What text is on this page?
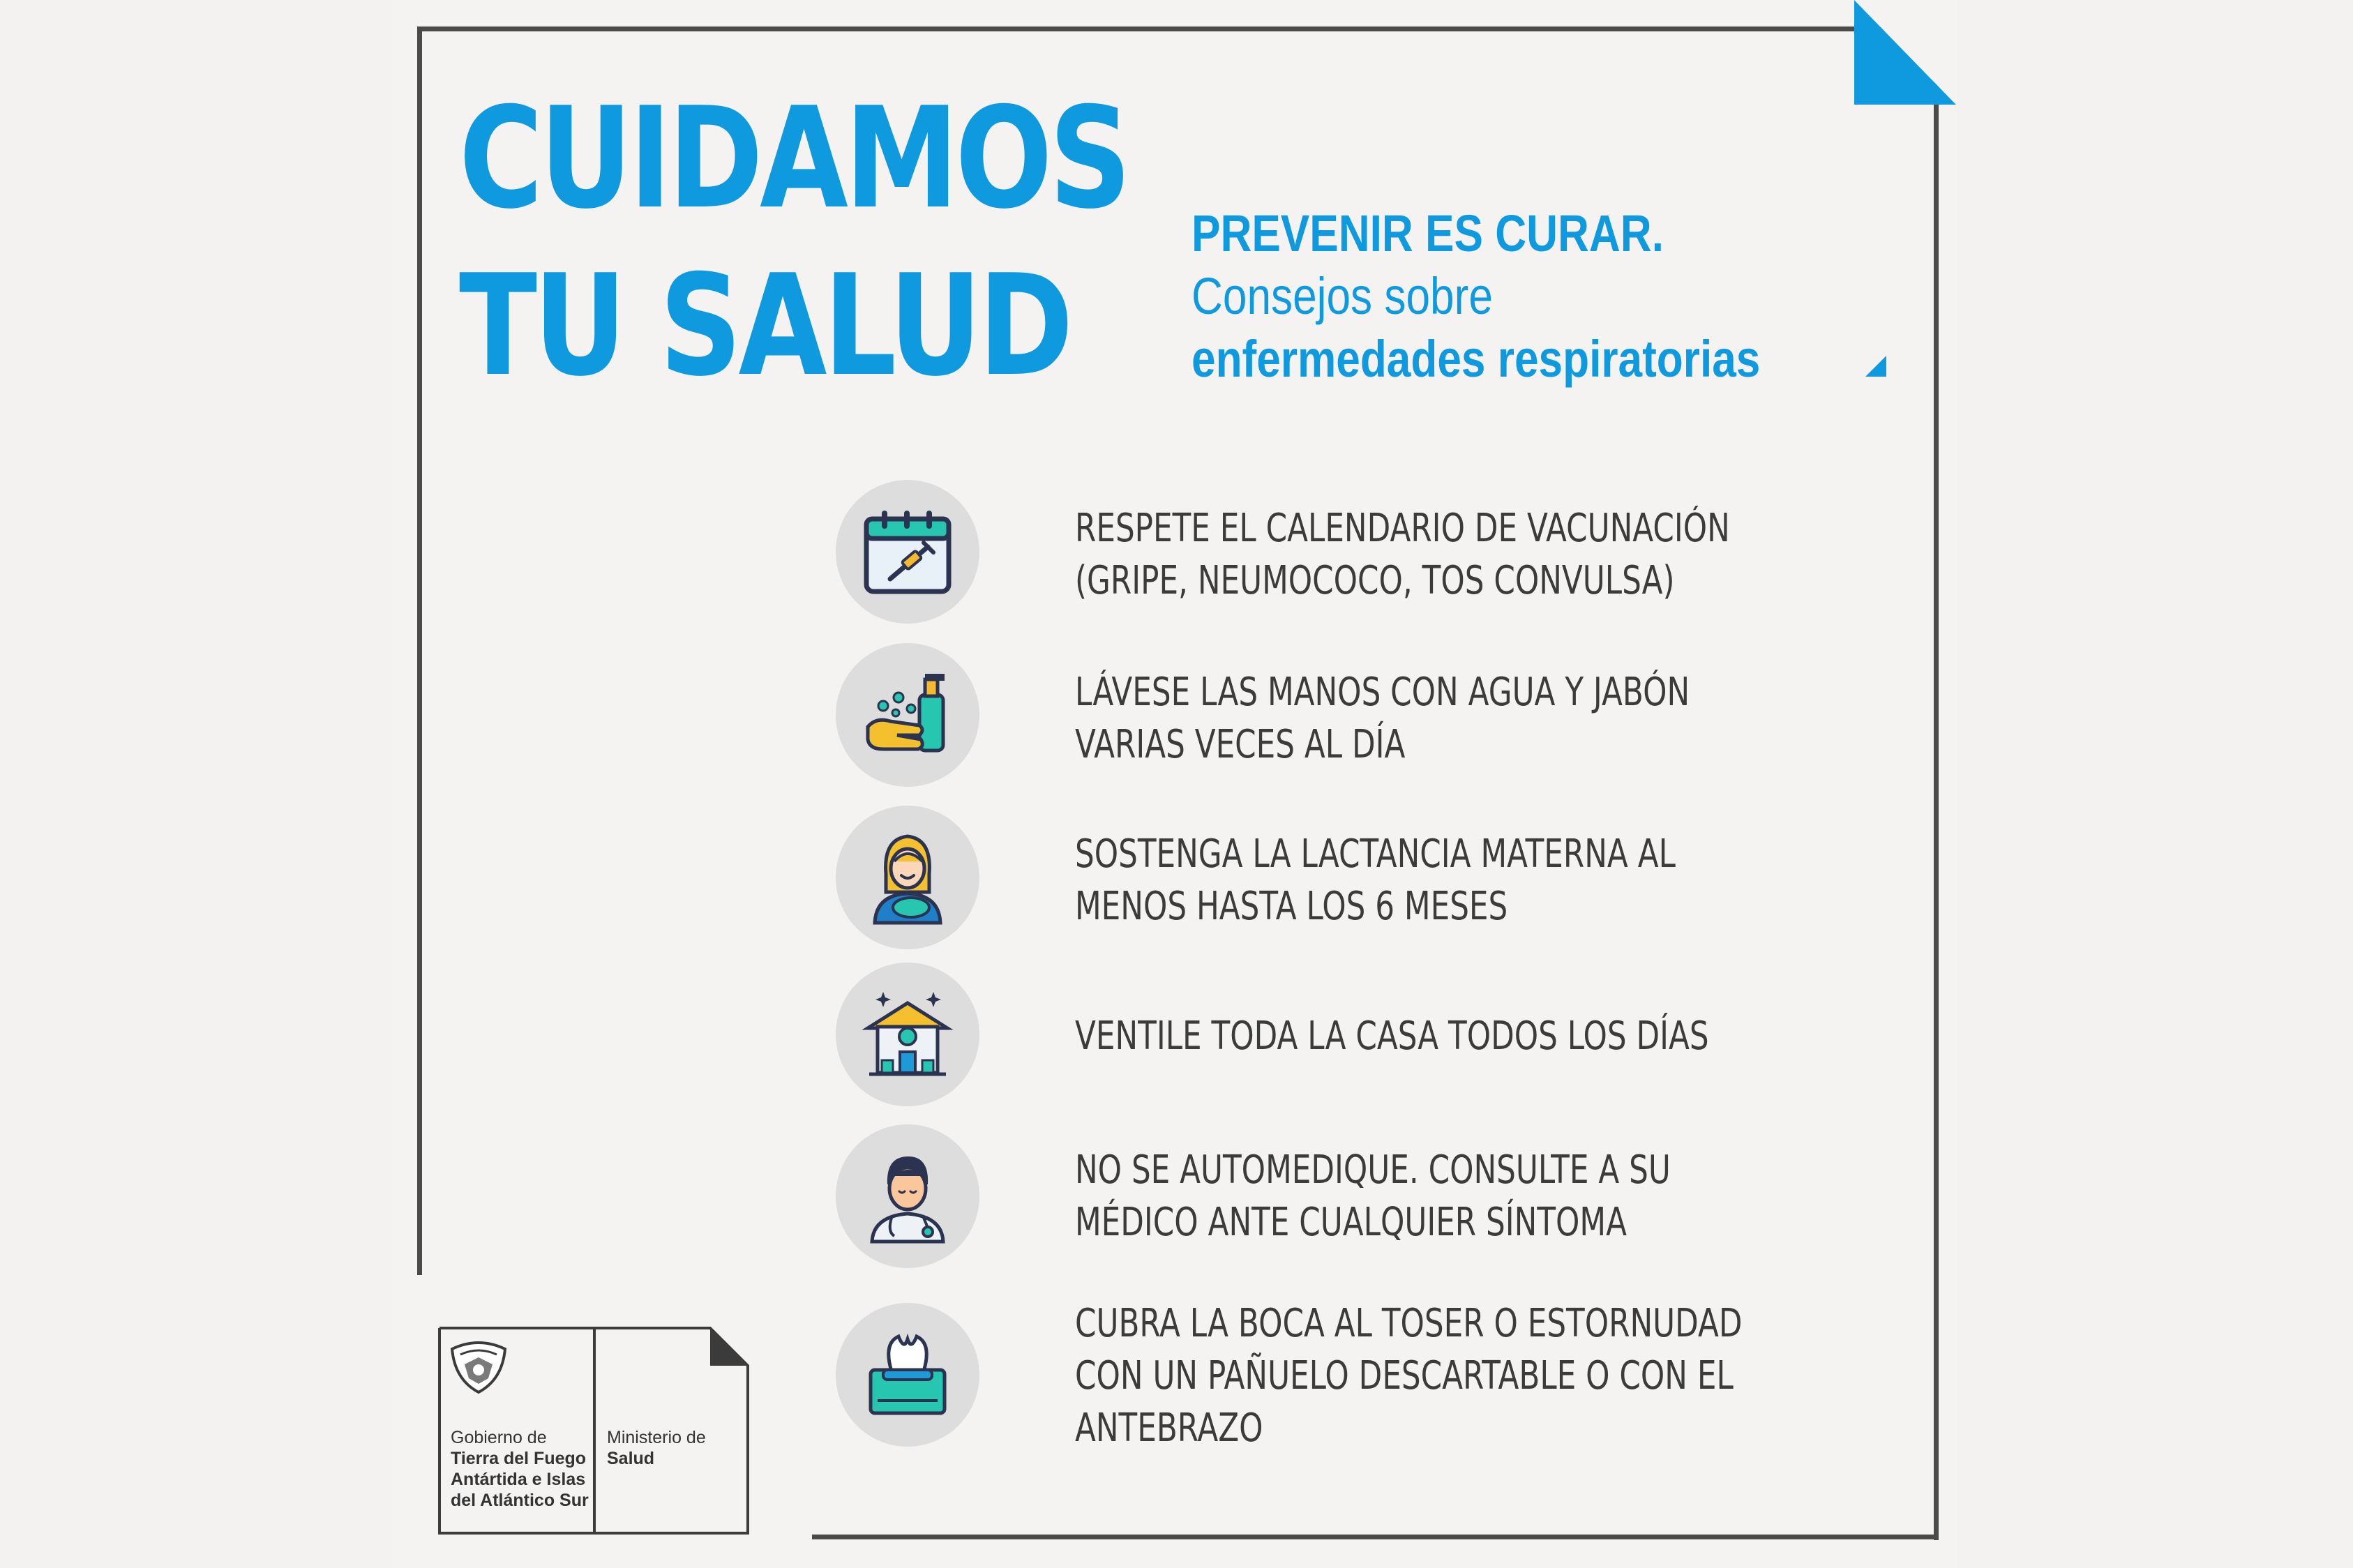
CUIDAMOS
TU SALUD
PREVENIR ES CURAR.
Consejos sobre
enfermedades respiratorias
RESPETE EL CALENDARIO DE VACUNACIÓN
(GRIPE, NEUMOCOCO, TOS CONVULSA)
LÁVESE LAS MANOS CON AGUA Y JABÓN
VARIAS VECES AL DÍA
SOSTENGA LA LACTANCIA MATERNA AL
MENOS HASTA LOS 6 MESES
VENTILE TODA LA CASA TODOS LOS DÍAS
NO SE AUTOMEDIQUE. CONSULTE A SU
MÉDICO ANTE CUALQUIER SÍNTOMA
CUBRA LA BOCA AL TOSER O ESTORNUDAD
CON UN PAÑUELO DESCARTABLE O CON EL
ANTEBRAZO
Gobierno de
Tierra del Fuego
Antártida e Islas
del Atlántico Sur
Ministerio de
Salud
